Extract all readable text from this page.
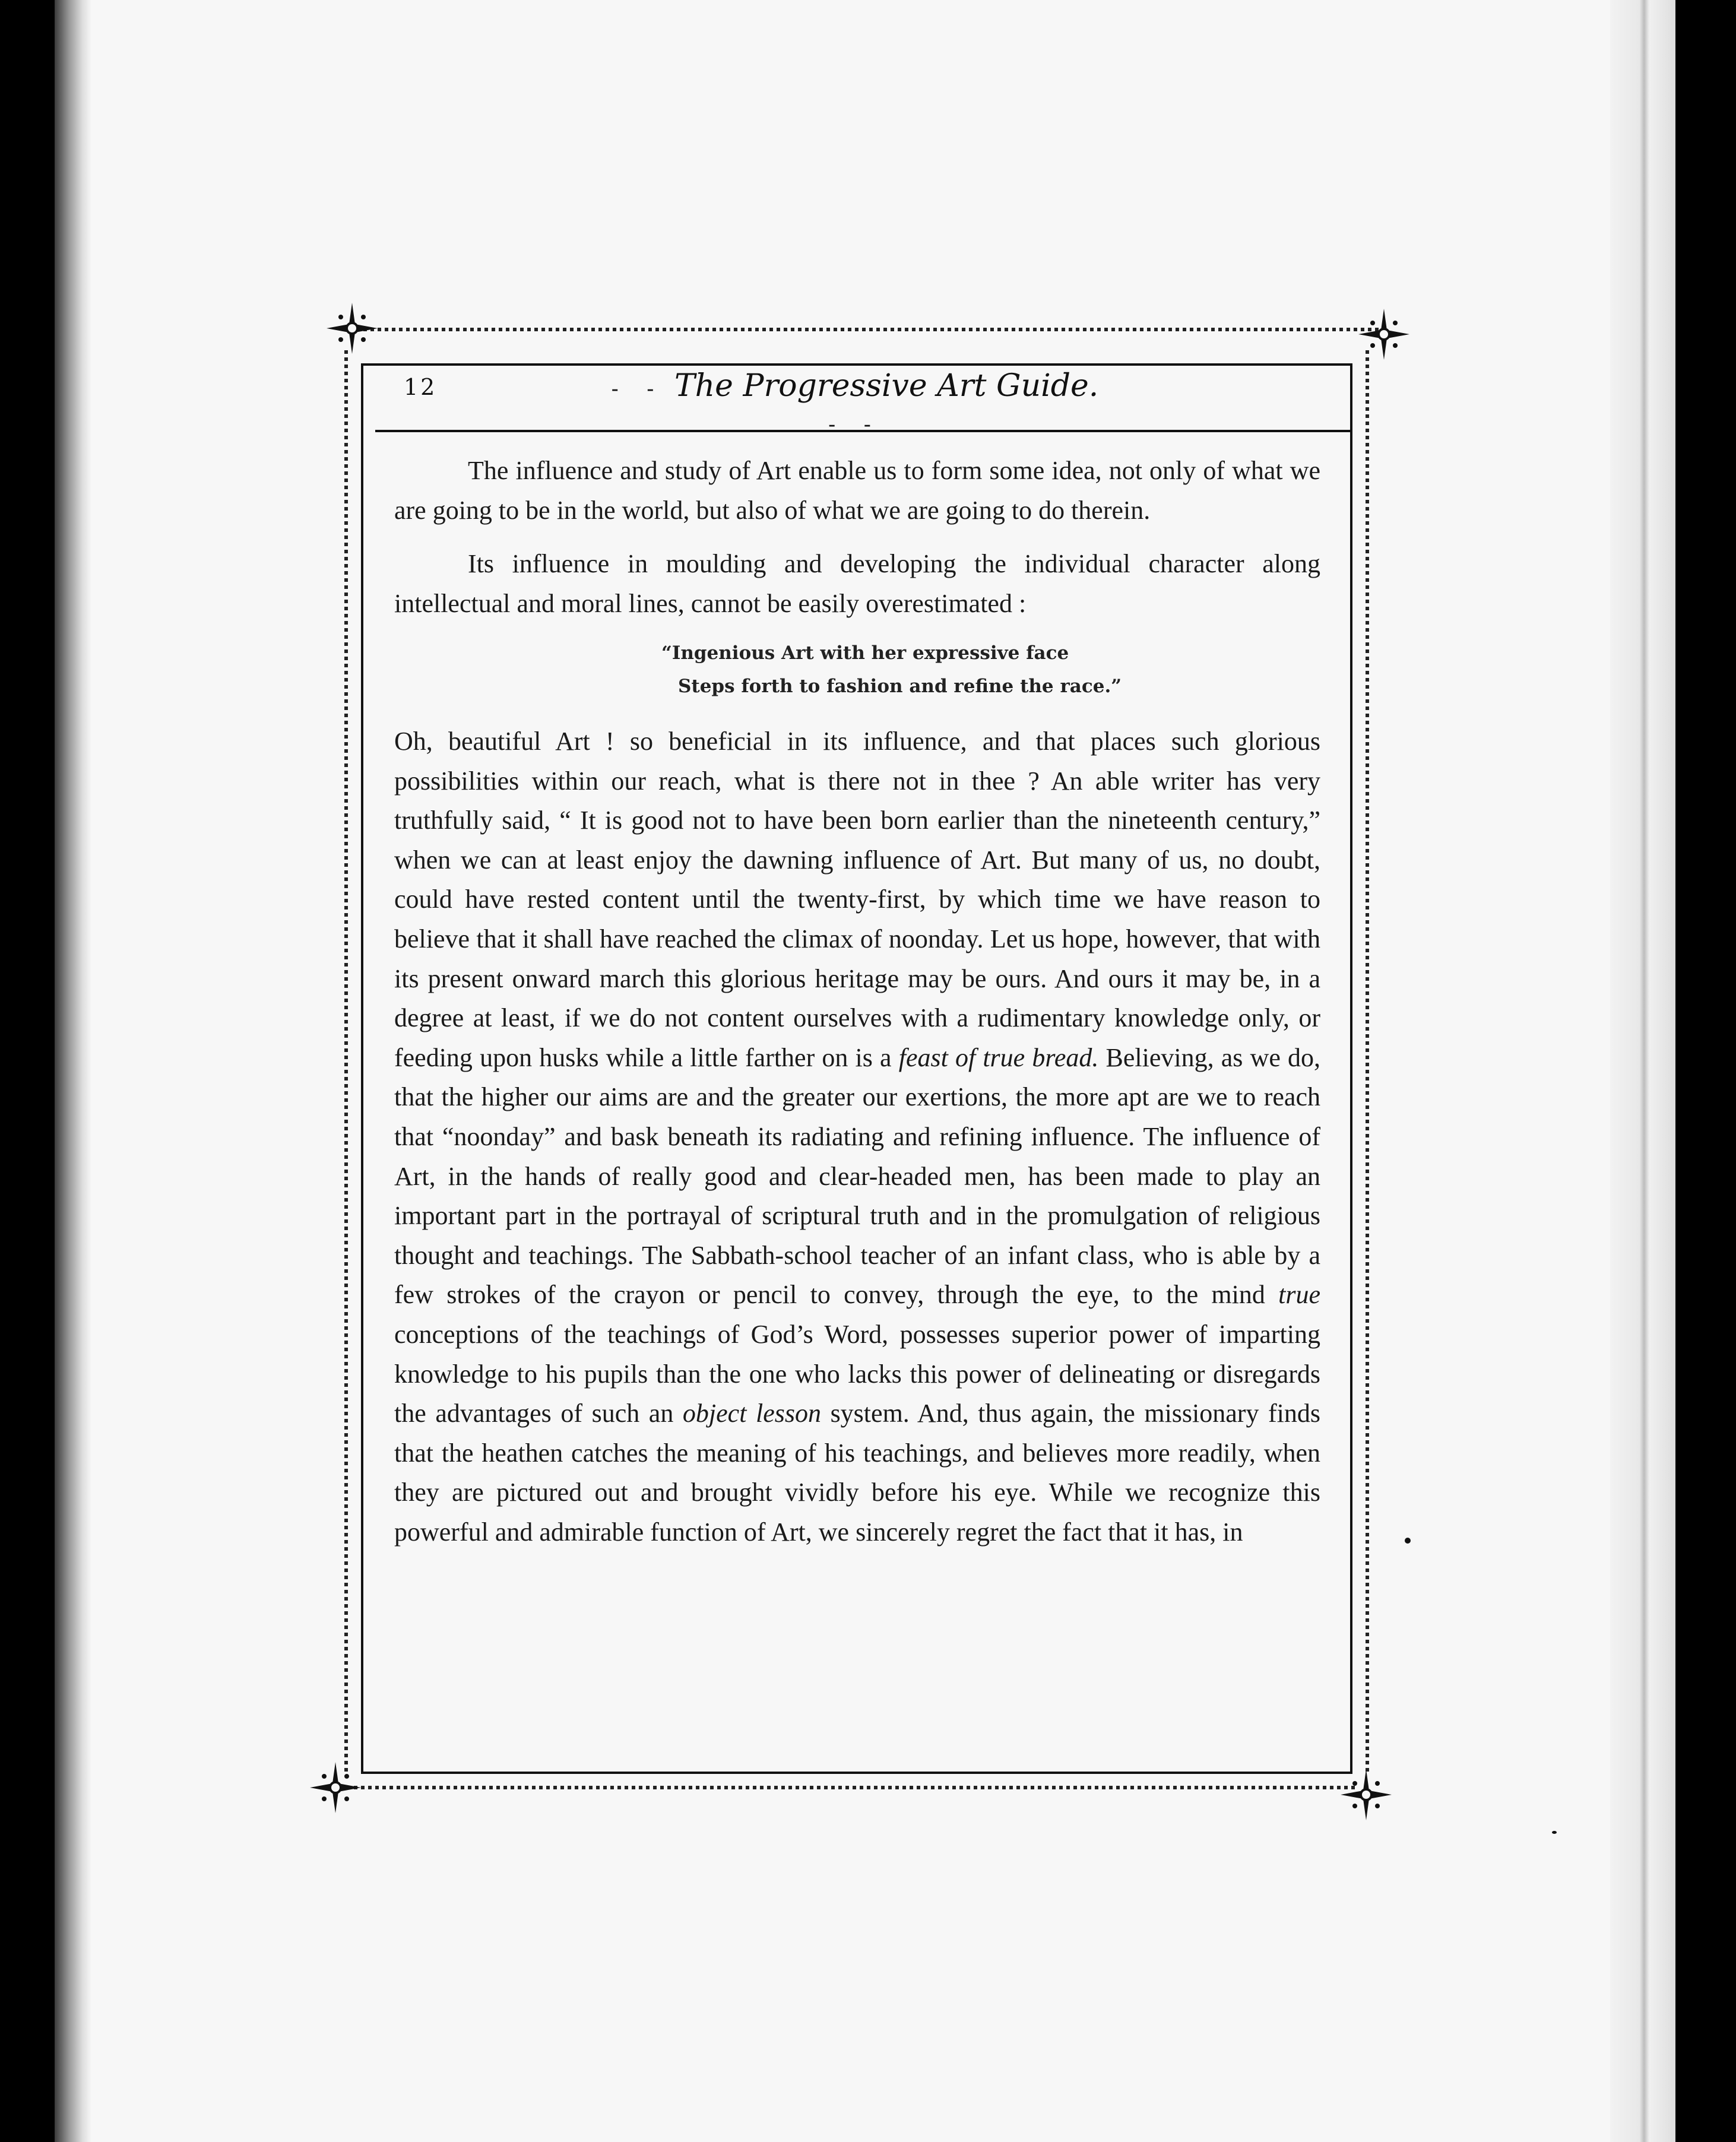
12	- - The Progressive Art Guide. - -

The influence and study of Art enable us to form some idea, not only of what we are going to be in the world, but also of what we are going to do therein.

Its influence in moulding and developing the individual character along intellectual and moral lines, cannot be easily overestimated :

“Ingenious Art with her expressive face
Steps forth to fashion and refine the race.”

Oh, beautiful Art ! so beneficial in its influence, and that places such glorious possibilities within our reach, what is there not in thee ? An able writer has very truthfully said, “ It is good not to have been born earlier than the nineteenth century,” when we can at least enjoy the dawning influence of Art. But many of us, no doubt, could have rested content until the twenty-first, by which time we have reason to believe that it shall have reached the climax of noonday. Let us hope, however, that with its present onward march this glorious heritage may be ours. And ours it may be, in a degree at least, if we do not content ourselves with a rudimentary knowledge only, or feeding upon husks while a little farther on is a feast of true bread. Believing, as we do, that the higher our aims are and the greater our exertions, the more apt are we to reach that “noonday” and bask beneath its radiating and refining influence. The influence of Art, in the hands of really good and clear-headed men, has been made to play an important part in the portrayal of scriptural truth and in the promulgation of religious thought and teachings. The Sabbath-school teacher of an infant class, who is able by a few strokes of the crayon or pencil to convey, through the eye, to the mind true conceptions of the teachings of God’s Word, possesses superior power of imparting knowledge to his pupils than the one who lacks this power of delineating or disregards the advantages of such an object lesson system. And, thus again, the missionary finds that the heathen catches the meaning of his teachings, and believes more readily, when they are pictured out and brought vividly before his eye. While we recognize this powerful and admirable function of Art, we sincerely regret the fact that it has, in
